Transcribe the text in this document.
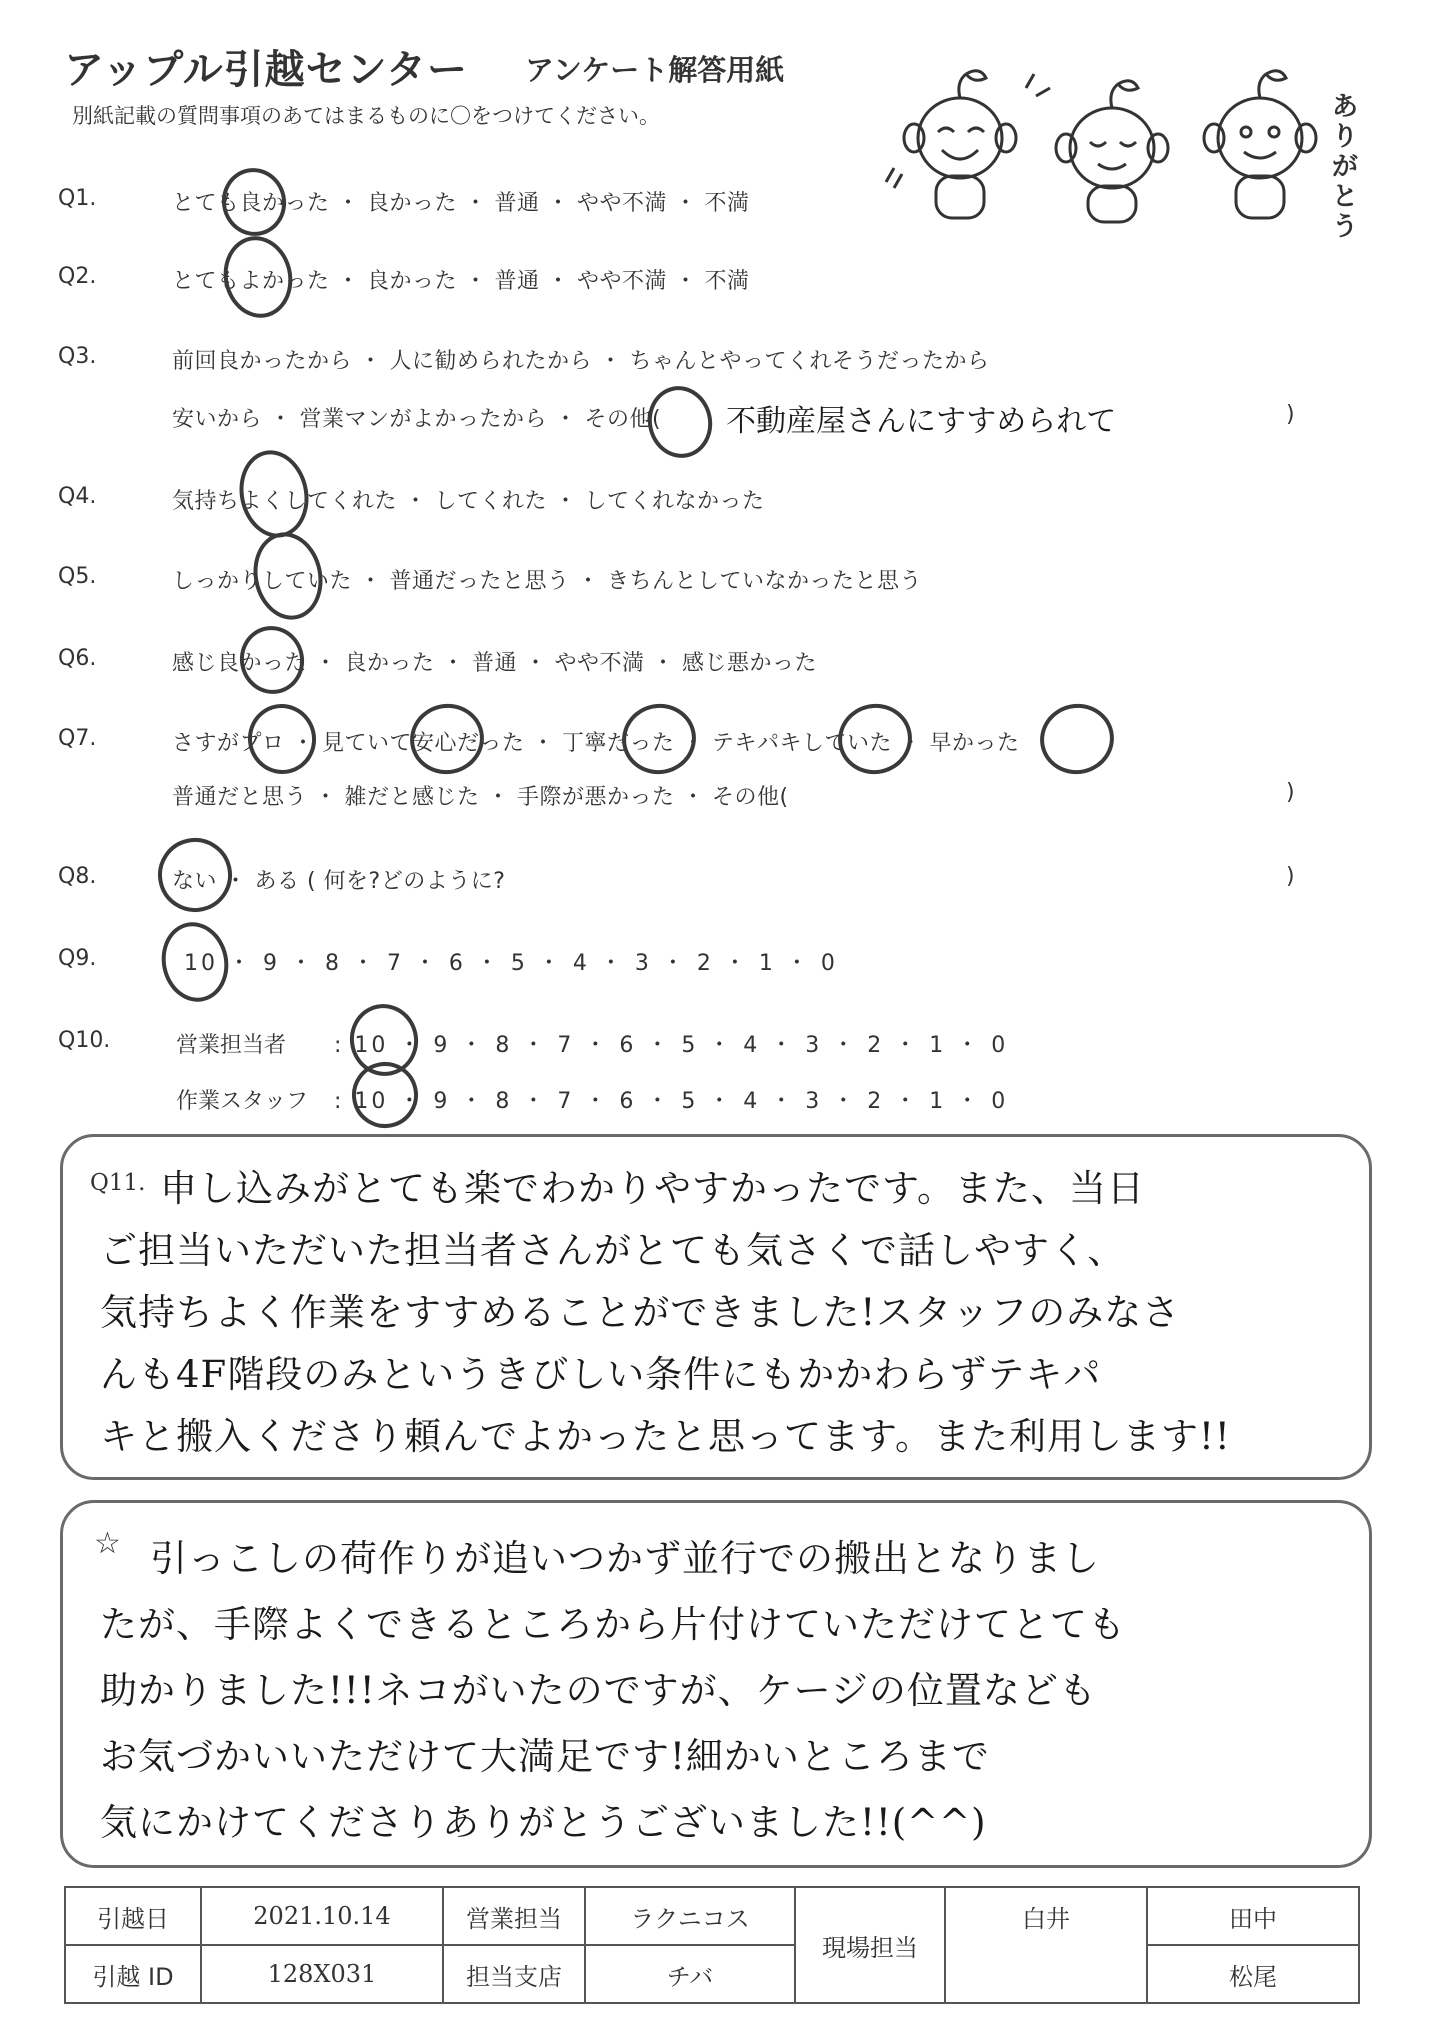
アップル引越センター アンケート解答用紙
別紙記載の質問事項のあてはまるものに〇をつけてください。	ありがとう
Q1.	とても良かった ・ 良かった ・ 普通 ・ やや不満 ・ 不満
Q2.	とてもよかった ・ 良かった ・ 普通 ・ やや不満 ・ 不満
Q3.	前回良かったから ・ 人に勧められたから ・ ちゃんとやってくれそうだったから
安いから ・ 営業マンがよかったから ・ その他( 不動産屋さんにすすめられて	)
Q4.	気持ちよくしてくれた ・ してくれた ・ してくれなかった
Q5.	しっかりしていた ・ 普通だったと思う ・ きちんとしていなかったと思う
Q6.	感じ良かった ・ 良かった ・ 普通 ・ やや不満 ・ 感じ悪かった
Q7.	さすがプロ ・ 見ていて安心だった ・ 丁寧だった ・ テキパキしていた ・ 早かった
普通だと思う ・ 雑だと感じた ・ 手際が悪かった ・ その他(	)
Q8.	ない ・ ある ( 何を?どのように?	)
Q9.	10 ・ 9 ・ 8 ・ 7 ・ 6 ・ 5 ・ 4 ・ 3 ・ 2 ・ 1 ・ 0
Q10.	営業担当者 : 10 ・ 9 ・ 8 ・ 7 ・ 6 ・ 5 ・ 4 ・ 3 ・ 2 ・ 1 ・ 0
作業スタッフ : 10 ・ 9 ・ 8 ・ 7 ・ 6 ・ 5 ・ 4 ・ 3 ・ 2 ・ 1 ・ 0
Q11. 申し込みがとても楽でわかりやすかったです。また、当日
ご担当いただいた担当者さんがとても気さくで話しやすく、
気持ちよく作業をすすめることができました!スタッフのみなさ
んも4F階段のみというきびしい条件にもかかわらずテキパ
キと搬入くださり頼んでよかったと思ってます。また利用します!!
☆ 引っこしの荷作りが追いつかず並行での搬出となりまし
たが、手際よくできるところから片付けていただけてとても
助かりました!!!ネコがいたのですが、ケージの位置なども
お気づかいいただけて大満足です!細かいところまで
気にかけてくださりありがとうございました!!(^^)
引越日	2021.10.14	営業担当	ラクニコス	現場担当	白井	田中
引越 ID	128X031	担当支店	チバ			松尾
